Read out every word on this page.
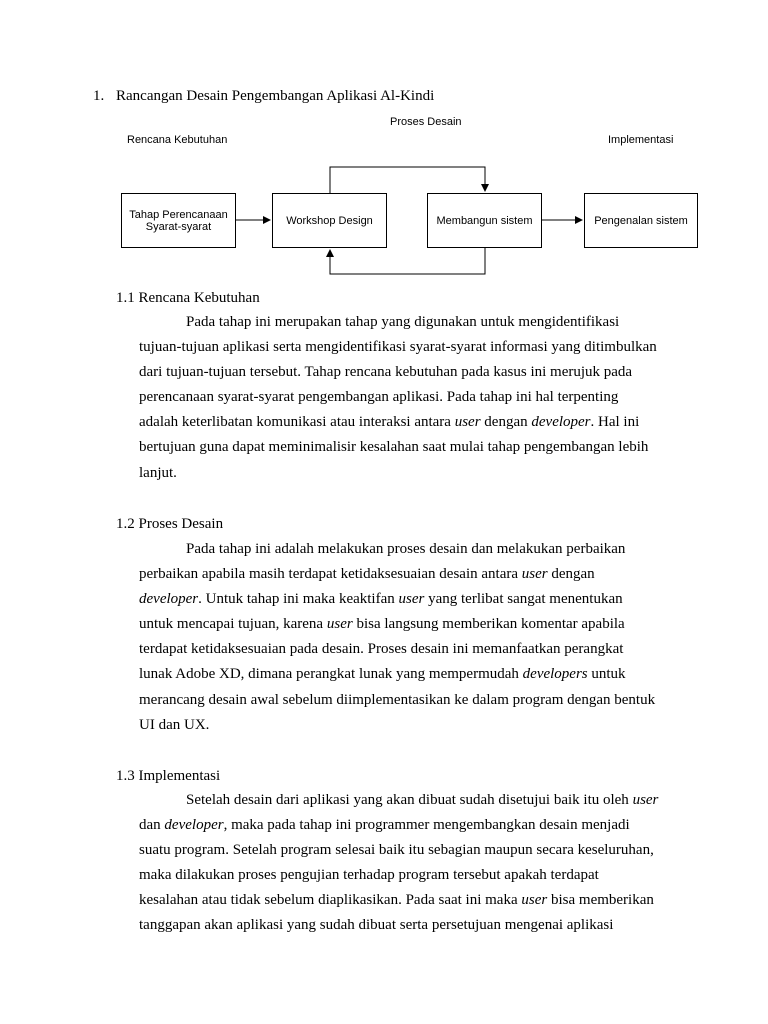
1. Rancangan Desain Pengembangan Aplikasi Al-Kindi
Proses Desain
Rencana Kebutuhan	Implementasi
Tahap Perencanaan
Syarat-syarat	Workshop Design	Membangun sistem	Pengenalan sistem
1.1 Rencana Kebutuhan
Pada tahap ini merupakan tahap yang digunakan untuk mengidentifikasi
tujuan-tujuan aplikasi serta mengidentifikasi syarat-syarat informasi yang ditimbulkan
dari tujuan-tujuan tersebut. Tahap rencana kebutuhan pada kasus ini merujuk pada
perencanaan syarat-syarat pengembangan aplikasi. Pada tahap ini hal terpenting
adalah keterlibatan komunikasi atau interaksi antara user dengan developer. Hal ini
bertujuan guna dapat meminimalisir kesalahan saat mulai tahap pengembangan lebih
lanjut.
1.2 Proses Desain
Pada tahap ini adalah melakukan proses desain dan melakukan perbaikan
perbaikan apabila masih terdapat ketidaksesuaian desain antara user dengan
developer. Untuk tahap ini maka keaktifan user yang terlibat sangat menentukan
untuk mencapai tujuan, karena user bisa langsung memberikan komentar apabila
terdapat ketidaksesuaian pada desain. Proses desain ini memanfaatkan perangkat
lunak Adobe XD, dimana perangkat lunak yang mempermudah developers untuk
merancang desain awal sebelum diimplementasikan ke dalam program dengan bentuk
UI dan UX.
1.3 Implementasi
Setelah desain dari aplikasi yang akan dibuat sudah disetujui baik itu oleh user
dan developer, maka pada tahap ini programmer mengembangkan desain menjadi
suatu program. Setelah program selesai baik itu sebagian maupun secara keseluruhan,
maka dilakukan proses pengujian terhadap program tersebut apakah terdapat
kesalahan atau tidak sebelum diaplikasikan. Pada saat ini maka user bisa memberikan
tanggapan akan aplikasi yang sudah dibuat serta persetujuan mengenai aplikasi
